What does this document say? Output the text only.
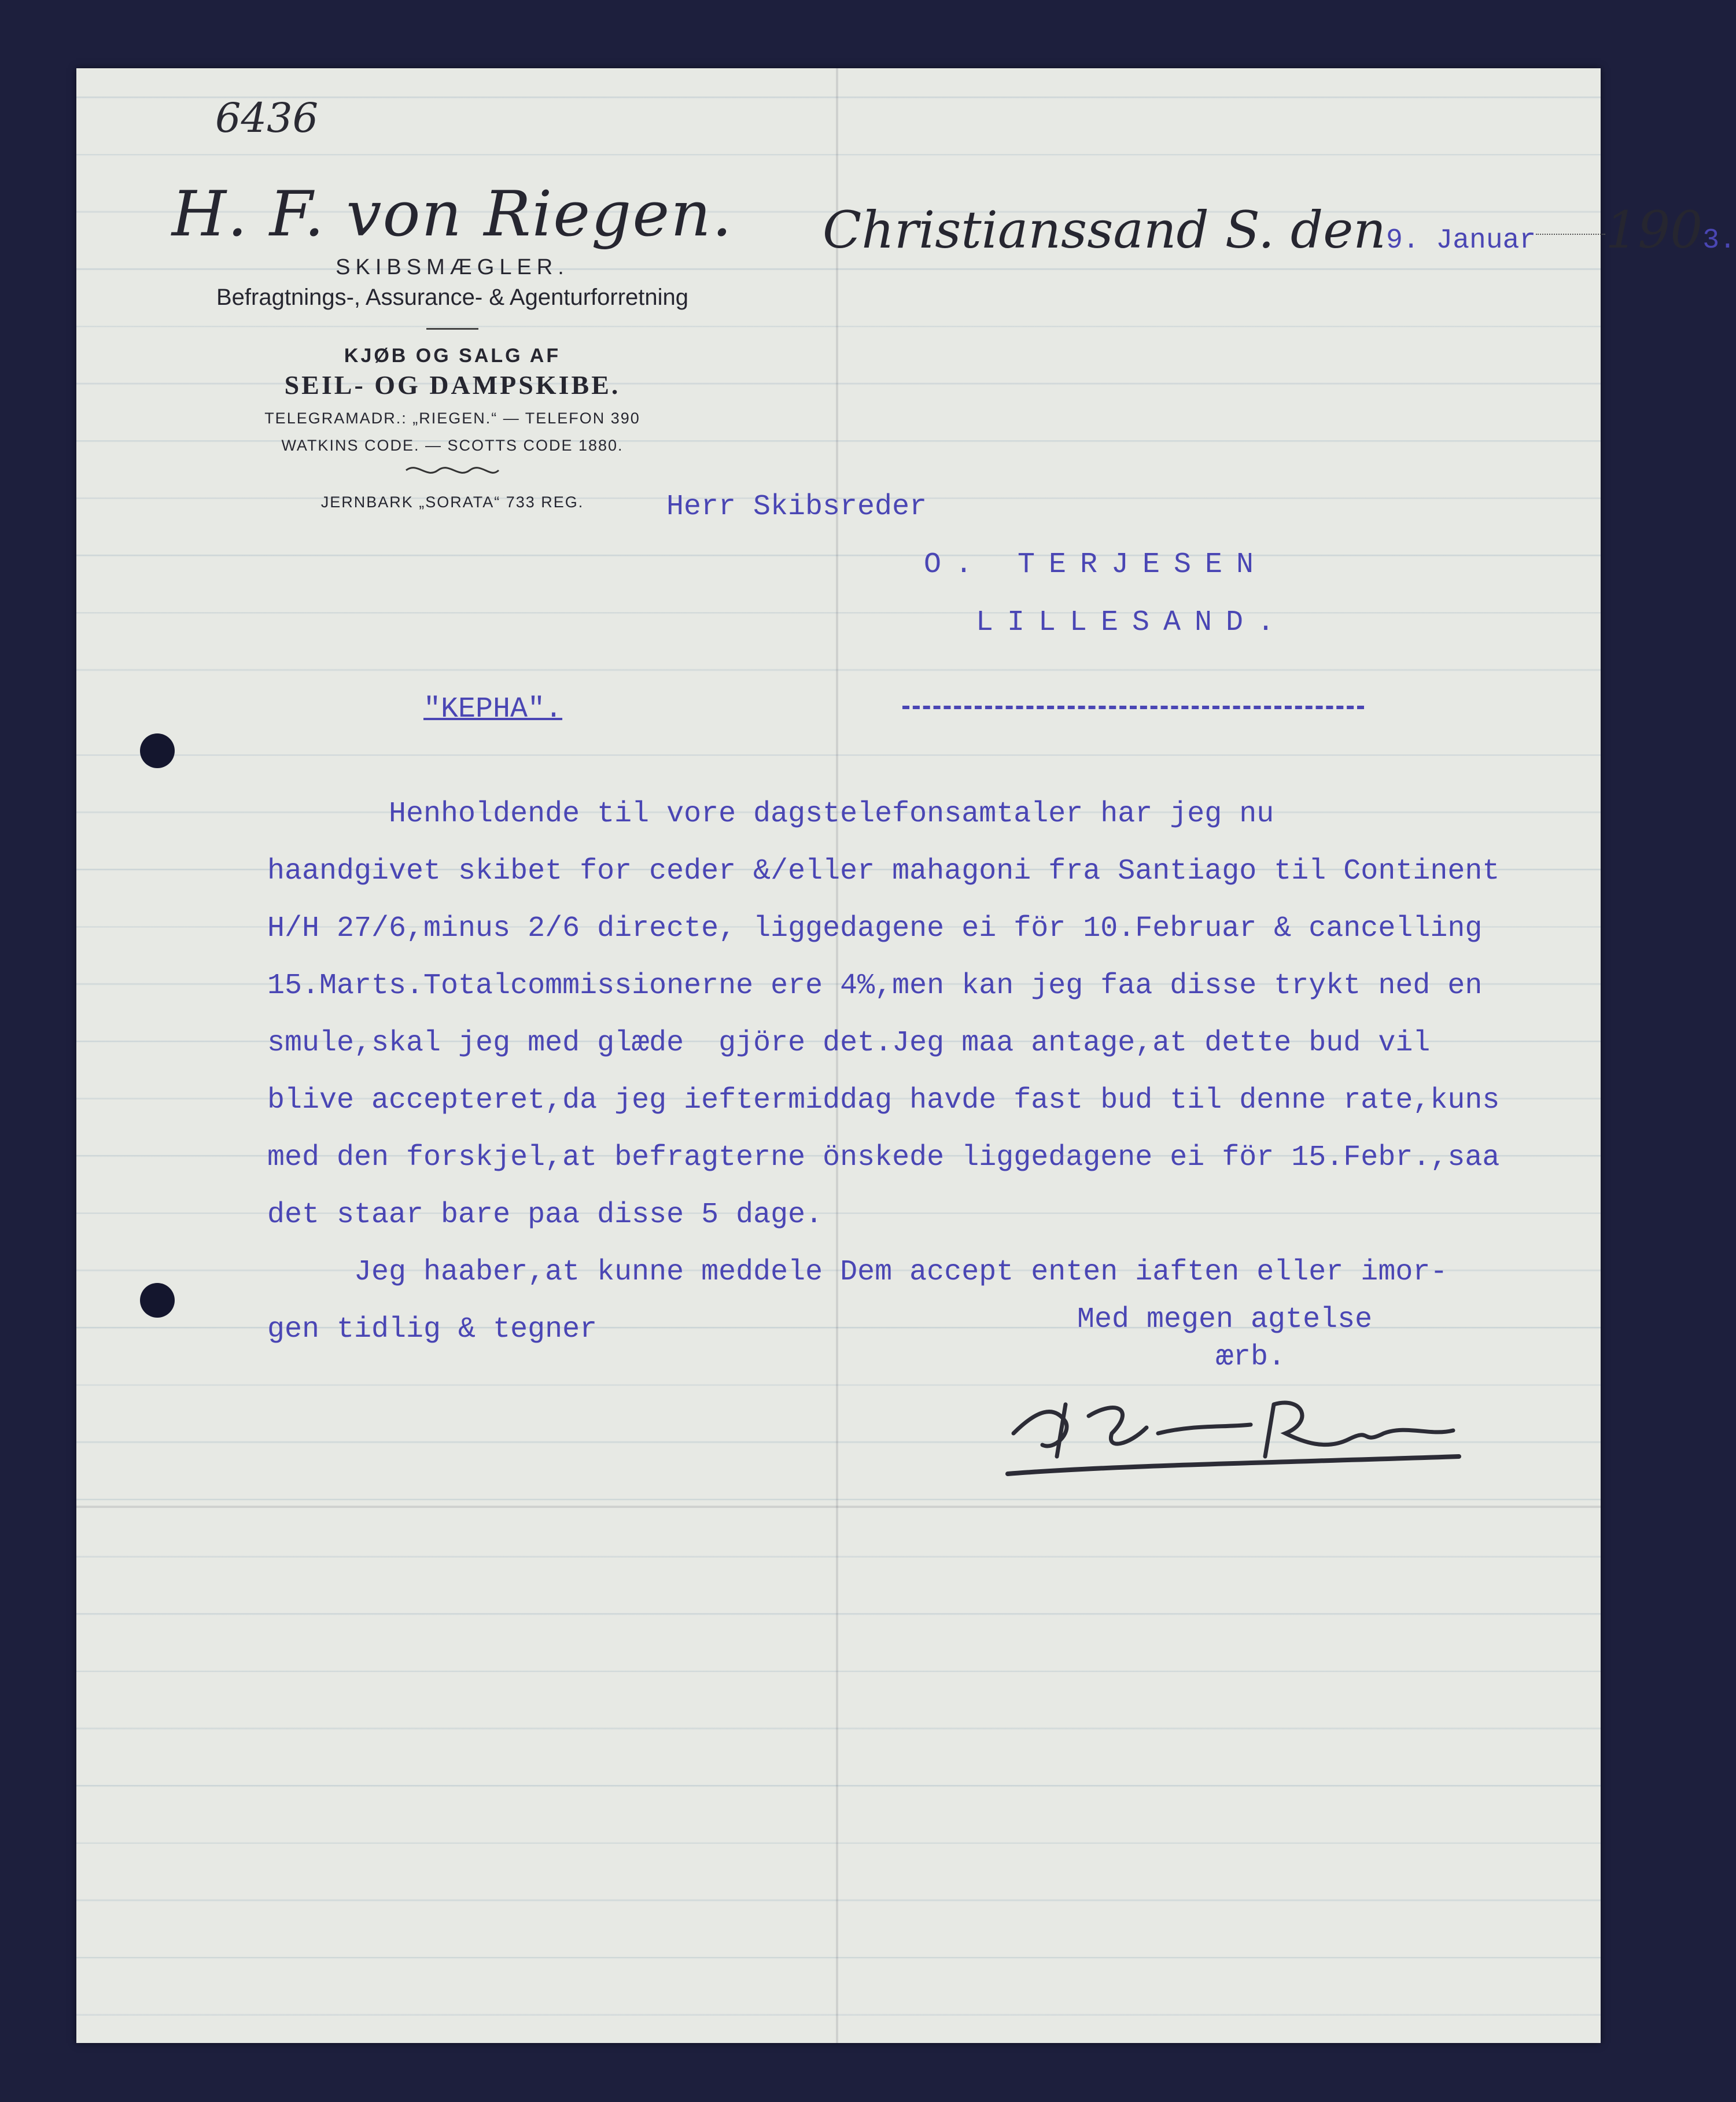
6436
H. F. von Riegen.
SKIBSMÆGLER.
Befragtnings-, Assurance- & Agenturforretning
KJØB OG SALG AF
SEIL- OG DAMPSKIBE.
TELEGRAMADR.: „RIEGEN.“ — TELEFON 390
WATKINS CODE. — SCOTTS CODE 1880.
JERNBARK „SORATA“ 733 REG.
Christianssand S. den9. Januar 1903.
Herr Skibsreder
O. TERJESEN
LILLESAND.
"KEPHA".
Henholdende til vore dagstelefonsamtaler har jeg nu
haandgivet skibet for ceder &/eller mahagoni fra Santiago til Continent
H/H 27/6,minus 2/6 directe, liggedagene ei för 10.Februar & cancelling
15.Marts.Totalcommissionerne ere 4%,men kan jeg faa disse trykt ned en
smule,skal jeg med glæde  gjöre det.Jeg maa antage,at dette bud vil
blive accepteret,da jeg ieftermiddag havde fast bud til denne rate,kuns
med den forskjel,at befragterne önskede liggedagene ei för 15.Febr.,saa
det staar bare paa disse 5 dage.
Jeg haaber,at kunne meddele Dem accept enten iaften eller imor-
gen tidlig & tegner	Med megen agtelse
ærb.
